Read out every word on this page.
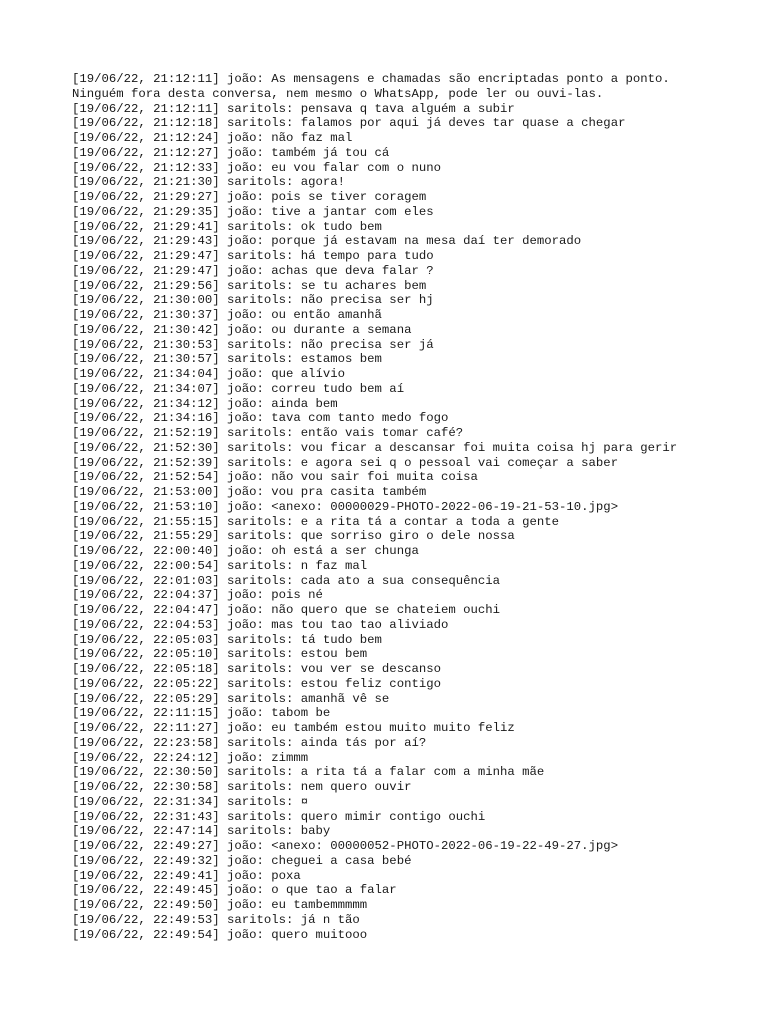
[19/06/22, 21:12:11] joão: As mensagens e chamadas são encriptadas ponto a ponto.
Ninguém fora desta conversa, nem mesmo o WhatsApp, pode ler ou ouvi-las.
[19/06/22, 21:12:11] saritols: pensava q tava alguém a subir
[19/06/22, 21:12:18] saritols: falamos por aqui já deves tar quase a chegar
[19/06/22, 21:12:24] joão: não faz mal
[19/06/22, 21:12:27] joão: também já tou cá
[19/06/22, 21:12:33] joão: eu vou falar com o nuno
[19/06/22, 21:21:30] saritols: agora!
[19/06/22, 21:29:27] joão: pois se tiver coragem
[19/06/22, 21:29:35] joão: tive a jantar com eles
[19/06/22, 21:29:41] saritols: ok tudo bem
[19/06/22, 21:29:43] joão: porque já estavam na mesa daí ter demorado
[19/06/22, 21:29:47] saritols: há tempo para tudo
[19/06/22, 21:29:47] joão: achas que deva falar ?
[19/06/22, 21:29:56] saritols: se tu achares bem
[19/06/22, 21:30:00] saritols: não precisa ser hj
[19/06/22, 21:30:37] joão: ou então amanhã
[19/06/22, 21:30:42] joão: ou durante a semana
[19/06/22, 21:30:53] saritols: não precisa ser já
[19/06/22, 21:30:57] saritols: estamos bem
[19/06/22, 21:34:04] joão: que alívio
[19/06/22, 21:34:07] joão: correu tudo bem aí
[19/06/22, 21:34:12] joão: ainda bem
[19/06/22, 21:34:16] joão: tava com tanto medo fogo
[19/06/22, 21:52:19] saritols: então vais tomar café?
[19/06/22, 21:52:30] saritols: vou ficar a descansar foi muita coisa hj para gerir
[19/06/22, 21:52:39] saritols: e agora sei q o pessoal vai começar a saber
[19/06/22, 21:52:54] joão: não vou sair foi muita coisa
[19/06/22, 21:53:00] joão: vou pra casita também
[19/06/22, 21:53:10] joão: <anexo: 00000029-PHOTO-2022-06-19-21-53-10.jpg>
[19/06/22, 21:55:15] saritols: e a rita tá a contar a toda a gente
[19/06/22, 21:55:29] saritols: que sorriso giro o dele nossa
[19/06/22, 22:00:40] joão: oh está a ser chunga
[19/06/22, 22:00:54] saritols: n faz mal
[19/06/22, 22:01:03] saritols: cada ato a sua consequência
[19/06/22, 22:04:37] joão: pois né
[19/06/22, 22:04:47] joão: não quero que se chateiem ouchi
[19/06/22, 22:04:53] joão: mas tou tao tao aliviado
[19/06/22, 22:05:03] saritols: tá tudo bem
[19/06/22, 22:05:10] saritols: estou bem
[19/06/22, 22:05:18] saritols: vou ver se descanso
[19/06/22, 22:05:22] saritols: estou feliz contigo
[19/06/22, 22:05:29] saritols: amanhã vê se
[19/06/22, 22:11:15] joão: tabom be
[19/06/22, 22:11:27] joão: eu também estou muito muito feliz
[19/06/22, 22:23:58] saritols: ainda tás por aí?
[19/06/22, 22:24:12] joão: zimmm
[19/06/22, 22:30:50] saritols: a rita tá a falar com a minha mãe
[19/06/22, 22:30:58] saritols: nem quero ouvir
[19/06/22, 22:31:34] saritols: ¤
[19/06/22, 22:31:43] saritols: quero mimir contigo ouchi
[19/06/22, 22:47:14] saritols: baby
[19/06/22, 22:49:27] joão: <anexo: 00000052-PHOTO-2022-06-19-22-49-27.jpg>
[19/06/22, 22:49:32] joão: cheguei a casa bebé
[19/06/22, 22:49:41] joão: poxa
[19/06/22, 22:49:45] joão: o que tao a falar
[19/06/22, 22:49:50] joão: eu tambemmmmm
[19/06/22, 22:49:53] saritols: já n tão
[19/06/22, 22:49:54] joão: quero muitooo
